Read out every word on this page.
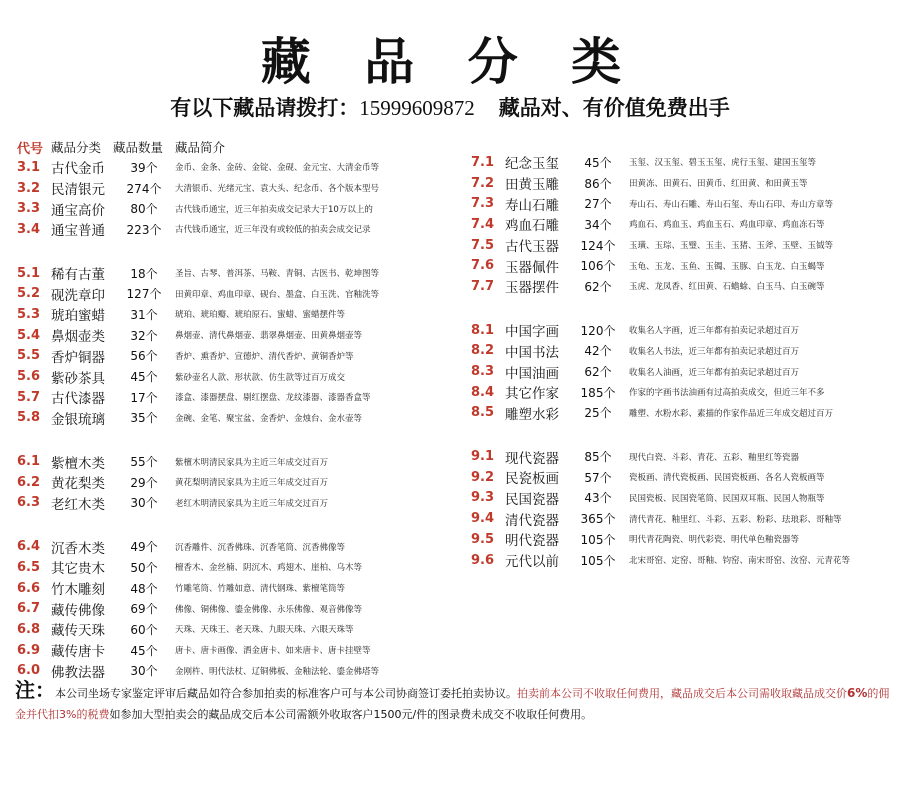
藏 品 分 类
有以下藏品请拨打：15999609872 藏品对、有价值免费出手
代号 藏品分类 藏品数量 藏品简介
3.1 古代金币	39个	金币、金条、金砖、金锭、金砚、金元宝、大清金币等
3.2 民清银元	274个	大清银币、光绪元宝、袁大头、纪念币、各个版本型号
3.3 通宝高价	80个	古代钱币通宝，近三年拍卖成交记录大于10万以上的
3.4 通宝普通	223个	古代钱币通宝，近三年没有或较低的拍卖会成交记录
5.1 稀有古董	18个	圣旨、古琴、普洱茶、马鞍、青铜、古医书、乾坤图等
5.2 砚洗章印	127个	田黄印章、鸡血印章、砚台、墨盒、白玉洗、官釉洗等
5.3 琥珀蜜蜡	31个	琥珀、琥珀瓣、琥珀原石、蜜蜡、蜜蜡摆件等
5.4 鼻烟壶类	32个	鼻烟壶、清代鼻烟壶、翡翠鼻烟壶、田黄鼻烟壶等
5.5 香炉铜器	56个	香炉、熏香炉、宣德炉、清代香炉、黄铜香炉等
5.6 紫砂茶具	45个	紫砂壶名人款、形状款、仿生款等过百万成交
5.7 古代漆器	17个	漆盒、漆器摆盘、剔红摆盘、龙纹漆器、漆器香盒等
5.8 金银琉璃	35个	金碗、金笔、聚宝盆、金香炉、金烛台、金水壶等
6.1 紫檀木类	55个	紫檀木明清民家具为主近三年成交过百万
6.2 黄花梨类	29个	黄花梨明清民家具为主近三年成交过百万
6.3 老红木类	30个	老红木明清民家具为主近三年成交过百万
6.4 沉香木类	49个	沉香雕件、沉香佛珠、沉香笔筒、沉香佛像等
6.5 其它贵木	50个	檀香木、金丝楠、阴沉木、鸡翅木、崖柏、乌木等
6.6 竹木雕刻	48个	竹雕笔筒、竹雕如意、清代钢珠、紫檀笔筒等
6.7 藏传佛像	69个	佛像、铜佛像、鎏金佛像、永乐佛像、观音佛像等
6.8 藏传天珠	60个	天珠、天珠王、老天珠、九眼天珠、六眼天珠等
6.9 藏传唐卡	45个	唐卡、唐卡画像、洒金唐卡、如来唐卡、唐卡挂壁等
6.0 佛教法器	30个	金刚杵、明代法杖、辽铜佛板、金釉法轮、鎏金佛塔等
7.1 纪念玉玺	45个	玉玺、汉玉玺、碧玉玉玺、虎行玉玺、建国玉玺等
7.2 田黄玉雕	86个	田黄冻、田黄石、田黄币、红田黄、和田黄玉等
7.3 寿山石雕	27个	寿山石、寿山石雕、寿山石玺、寿山石印、寿山方章等
7.4 鸡血石雕	34个	鸡血石、鸡血玉、鸡血玉石、鸡血印章、鸡血冻石等
7.5 古代玉器	124个	玉璜、玉琮、玉璧、玉圭、玉猪、玉斧、玉壁、玉钺等
7.6 玉器佩件	106个	玉龟、玉龙、玉鱼、玉镯、玉豚、白玉龙、白玉蝎等
7.7 玉器摆件	62个	玉虎、龙凤香、红田黄、石蟾蜍、白玉马、白玉碗等
8.1 中国字画	120个	收集名人字画，近三年都有拍卖记录超过百万
8.2 中国书法	42个	收集名人书法，近三年都有拍卖记录超过百万
8.3 中国油画	62个	收集名人油画，近三年都有拍卖记录超过百万
8.4 其它作家	185个	作家的字画书法油画有过高拍卖成交，但近三年不多
8.5 雕塑水彩	25个	雕塑、水粉水彩、素描的作家作品近三年成交超过百万
9.1 现代瓷器	85个	现代白瓷、斗彩、青花、五彩、釉里红等瓷器
9.2 民瓷板画	57个	瓷板画、清代瓷板画、民国瓷板画、各名人瓷板画等
9.3 民国瓷器	43个	民国瓷板、民国瓷笔筒、民国双耳瓶、民国人物瓶等
9.4 清代瓷器	365个	清代青花、釉里红、斗彩、五彩、粉彩、珐琅彩、哥釉等
9.5 明代瓷器	105个	明代青花陶瓷、明代彩瓷、明代单色釉瓷器等
9.6 元代以前	105个	北宋哥窑、定窑、哥釉、钧窑、南宋哥窑、汝窑、元青花等
注：本公司坐场专家鉴定评审后藏品如符合参加拍卖的标准客户可与本公司协商签订委托拍卖协议。拍卖前本公司不收取任何费用，藏品成交后本公司需收取藏品成交价6%的佣金并代扣3%的税费如参加大型拍卖会的藏品成交后本公司需额外收取客户1500元/件的图录费未成交不收取任何费用。
